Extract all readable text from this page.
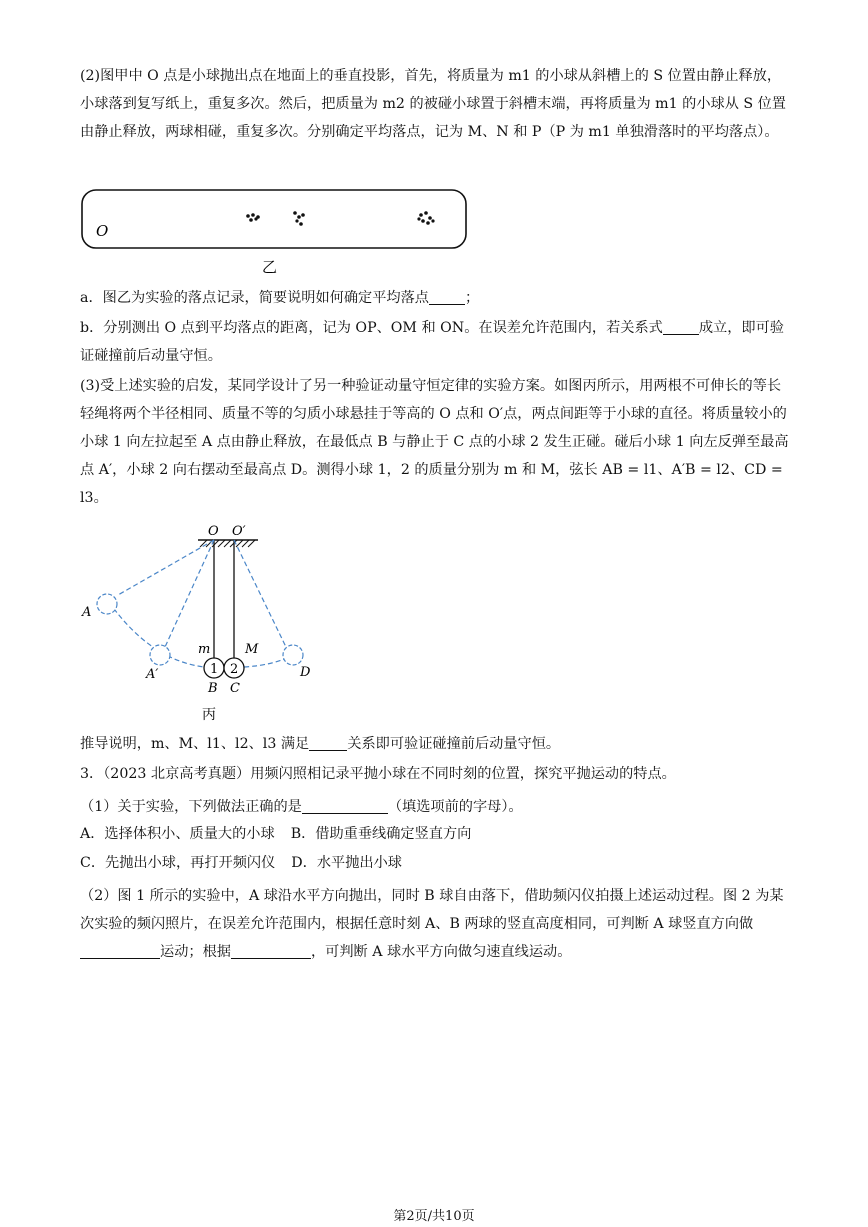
(2)图甲中 O 点是小球抛出点在地面上的垂直投影，首先，将质量为 m1 的小球从斜槽上的 S 位置由静止释放，小球落到复写纸上，重复多次。然后，把质量为 m2 的被碰小球置于斜槽末端，再将质量为 m1 的小球从 S 位置由静止释放，两球相碰，重复多次。分别确定平均落点，记为 M、N 和 P（P 为 m1 单独滑落时的平均落点）。

O
乙

a．图乙为实验的落点记录，简要说明如何确定平均落点	；

b．分别测出 O 点到平均落点的距离，记为 OP、OM 和 ON。在误差允许范围内，若关系式	成立，即可验证碰撞前后动量守恒。

(3)受上述实验的启发，某同学设计了另一种验证动量守恒定律的实验方案。如图丙所示，用两根不可伸长的等长轻绳将两个半径相同、质量不等的匀质小球悬挂于等高的 O 点和 O′点，两点间距等于小球的直径。将质量较小的小球 1 向左拉起至 A 点由静止释放，在最低点 B 与静止于 C 点的小球 2 发生正碰。碰后小球 1 向左反弹至最高点 A′，小球 2 向右摆动至最高点 D。测得小球 1，2 的质量分别为 m 和 M，弦长 AB = l1、A′B = l2、CD = l3。

O O′
1 2
A
A′
B C
D
m	M
丙

推导说明，m、M、l1、l2、l3 满足	关系即可验证碰撞前后动量守恒。

3．（2023 北京高考真题）用频闪照相记录平抛小球在不同时刻的位置，探究平抛运动的特点。

（1）关于实验，下列做法正确的是	（填选项前的字母）。

A．选择体积小、质量大的小球 B．借助重垂线确定竖直方向

C．先抛出小球，再打开频闪仪 D．水平抛出小球

（2）图 1 所示的实验中，A 球沿水平方向抛出，同时 B 球自由落下，借助频闪仪拍摄上述运动过程。图 2 为某次实验的频闪照片，在误差允许范围内，根据任意时刻 A、B 两球的竖直高度相同，可判断 A 球竖直方向做运动；根据	，可判断 A 球水平方向做匀速直线运动。

第2页/共10页
